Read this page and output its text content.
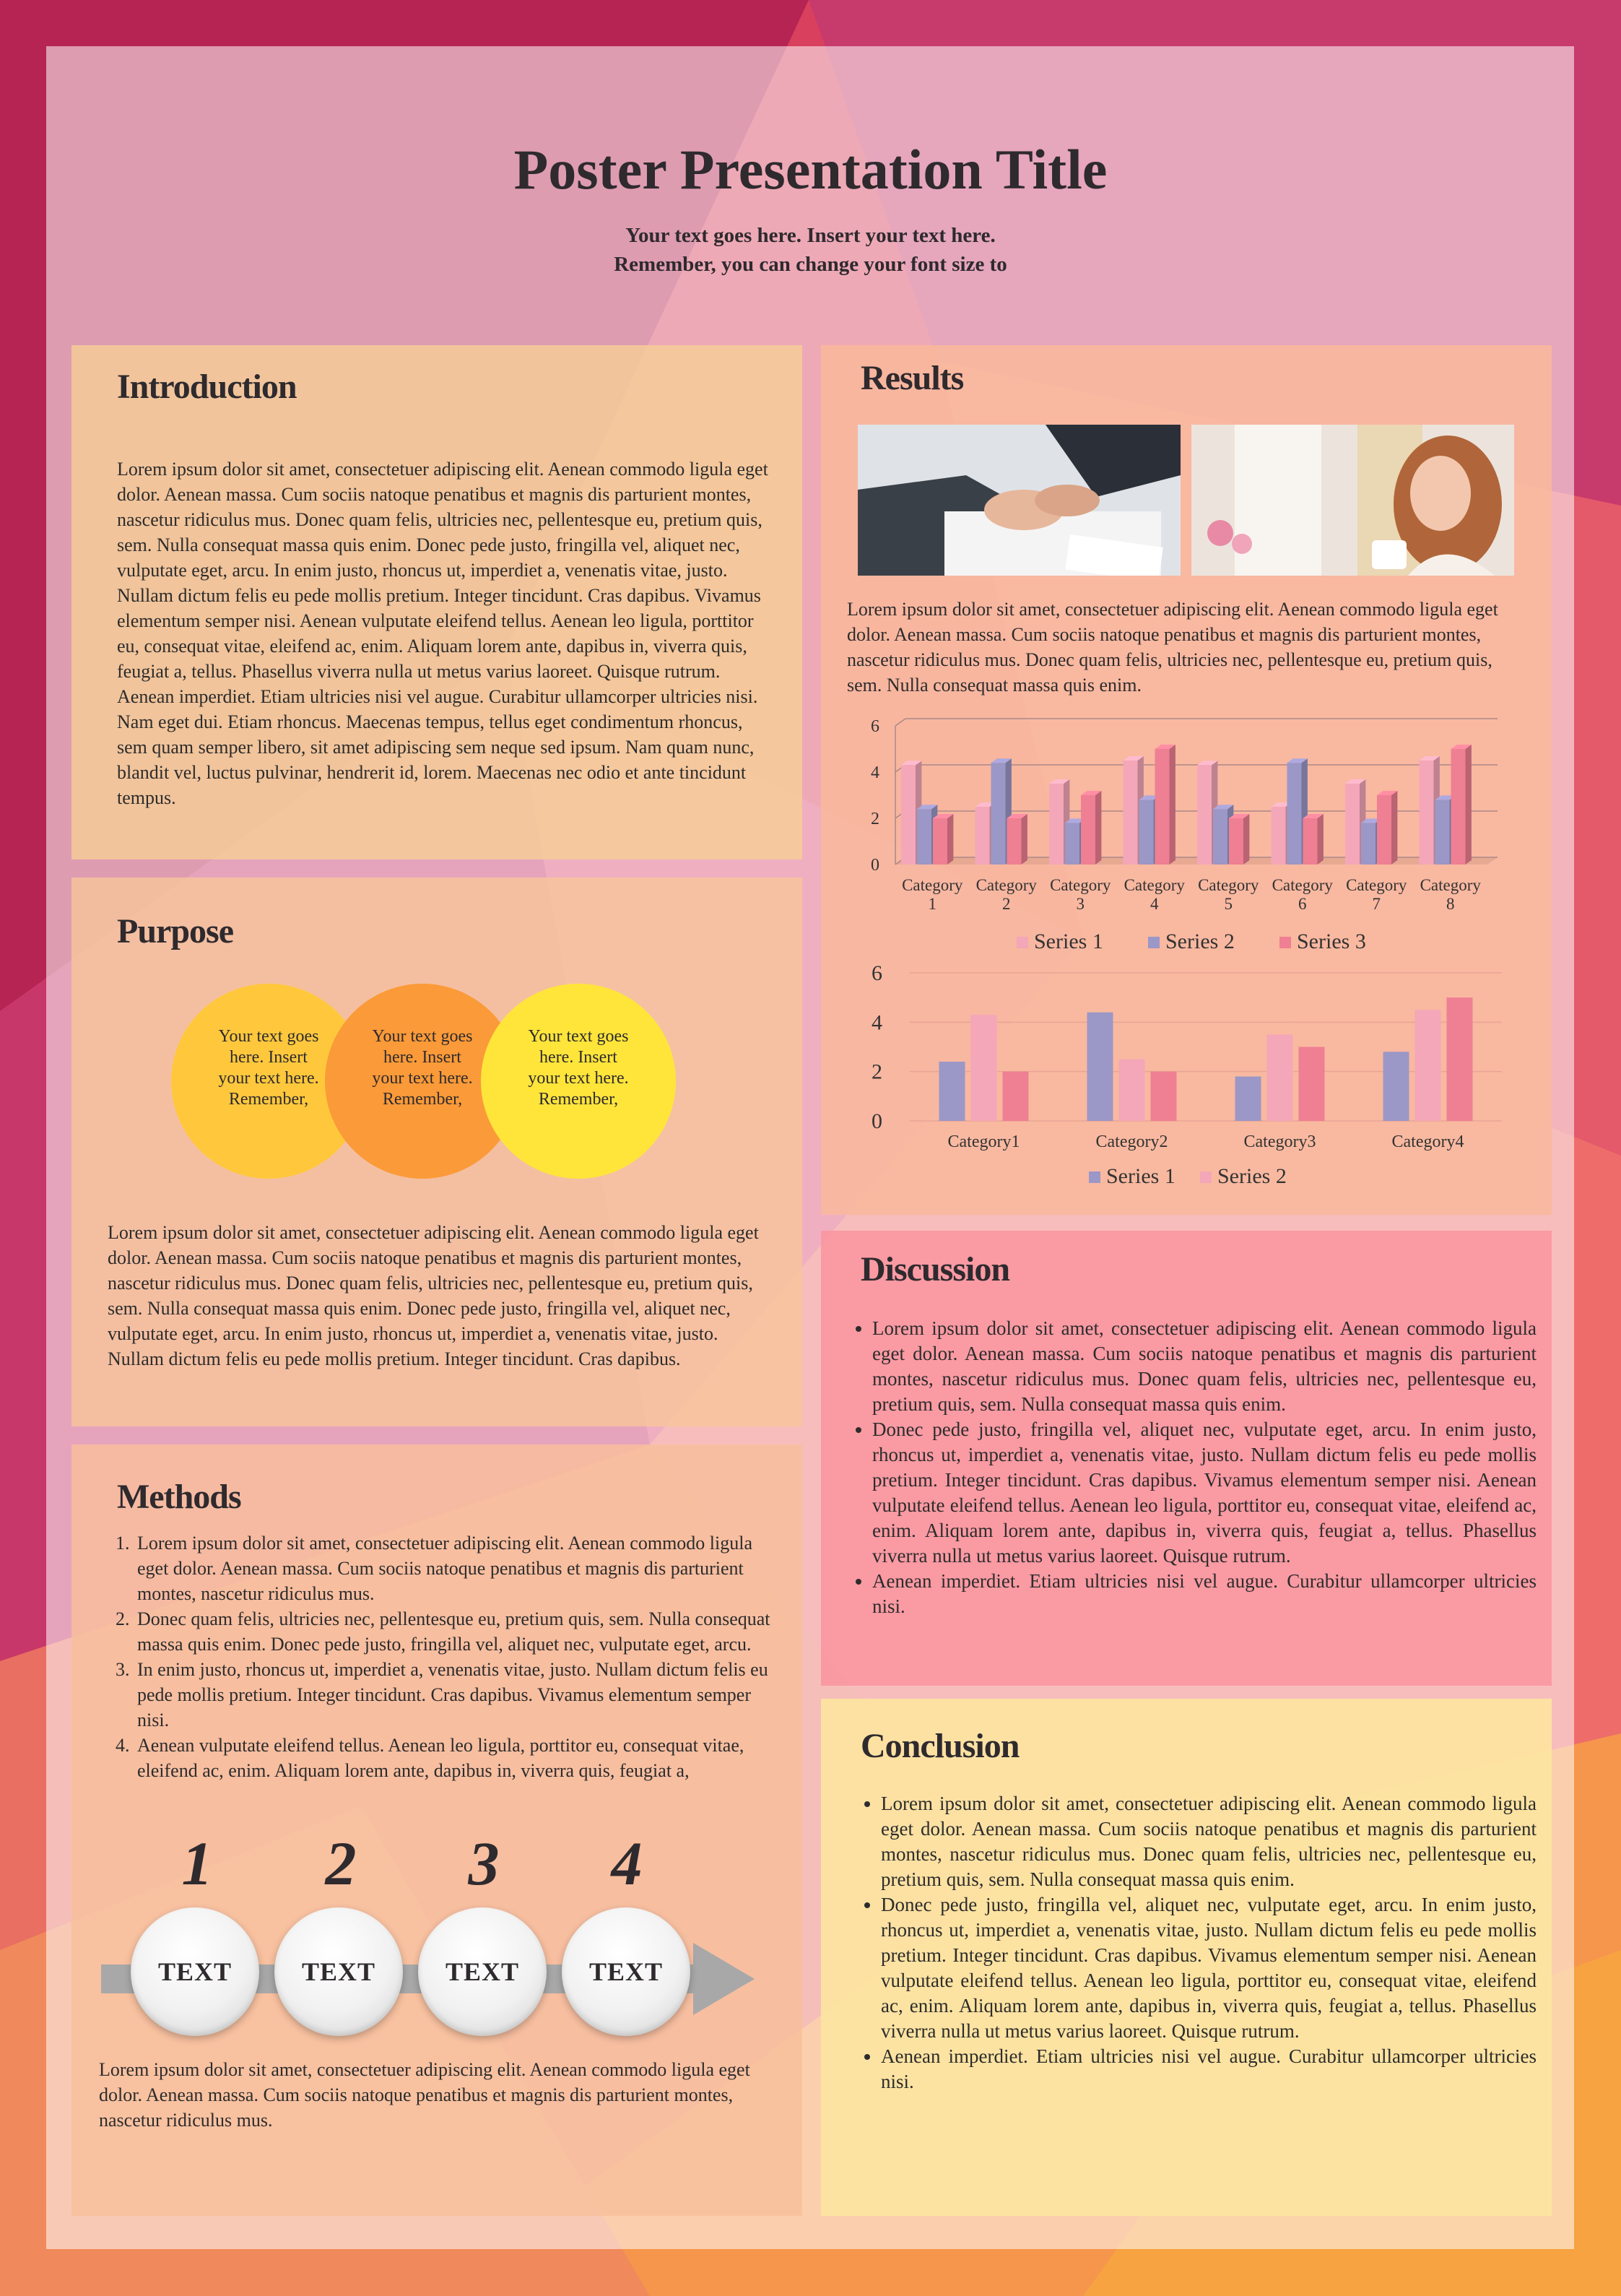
Poster Presentation Title
Your text goes here. Insert your text here.
Remember, you can change your font size to
Introduction
Lorem ipsum dolor sit amet, consectetuer adipiscing elit. Aenean commodo ligula eget dolor. Aenean massa. Cum sociis natoque penatibus et magnis dis parturient montes, nascetur ridiculus mus. Donec quam felis, ultricies nec, pellentesque eu, pretium quis, sem. Nulla consequat massa quis enim. Donec pede justo, fringilla vel, aliquet nec, vulputate eget, arcu. In enim justo, rhoncus ut, imperdiet a, venenatis vitae, justo. Nullam dictum felis eu pede mollis pretium. Integer tincidunt. Cras dapibus. Vivamus elementum semper nisi. Aenean vulputate eleifend tellus. Aenean leo ligula, porttitor eu, consequat vitae, eleifend ac, enim. Aliquam lorem ante, dapibus in, viverra quis, feugiat a, tellus. Phasellus viverra nulla ut metus varius laoreet. Quisque rutrum. Aenean imperdiet. Etiam ultricies nisi vel augue. Curabitur ullamcorper ultricies nisi. Nam eget dui. Etiam rhoncus. Maecenas tempus, tellus eget condimentum rhoncus, sem quam semper libero, sit amet adipiscing sem neque sed ipsum. Nam quam nunc, blandit vel, luctus pulvinar, hendrerit id, lorem. Maecenas nec odio et ante tincidunt tempus.
Purpose
Your text goes here. Insert your text here. Remember,
Your text goes here. Insert your text here. Remember,
Your text goes here. Insert your text here. Remember,
Lorem ipsum dolor sit amet, consectetuer adipiscing elit. Aenean commodo ligula eget dolor. Aenean massa. Cum sociis natoque penatibus et magnis dis parturient montes, nascetur ridiculus mus. Donec quam felis, ultricies nec, pellentesque eu, pretium quis, sem. Nulla consequat massa quis enim. Donec pede justo, fringilla vel, aliquet nec, vulputate eget, arcu. In enim justo, rhoncus ut, imperdiet a, venenatis vitae, justo. Nullam dictum felis eu pede mollis pretium. Integer tincidunt. Cras dapibus.
Methods
1. Lorem ipsum dolor sit amet, consectetuer adipiscing elit. Aenean commodo ligula eget dolor. Aenean massa. Cum sociis natoque penatibus et magnis dis parturient montes, nascetur ridiculus mus.
2. Donec quam felis, ultricies nec, pellentesque eu, pretium quis, sem. Nulla consequat massa quis enim. Donec pede justo, fringilla vel, aliquet nec, vulputate eget, arcu.
3. In enim justo, rhoncus ut, imperdiet a, venenatis vitae, justo. Nullam dictum felis eu pede mollis pretium. Integer tincidunt. Cras dapibus. Vivamus elementum semper nisi.
4. Aenean vulputate eleifend tellus. Aenean leo ligula, porttitor eu, consequat vitae, eleifend ac, enim. Aliquam lorem ante, dapibus in, viverra quis, feugiat a,
1	2	3	4
TEXT	TEXT	TEXT	TEXT
Lorem ipsum dolor sit amet, consectetuer adipiscing elit. Aenean commodo ligula eget dolor. Aenean massa. Cum sociis natoque penatibus et magnis dis parturient montes, nascetur ridiculus mus.
Results
Lorem ipsum dolor sit amet, consectetuer adipiscing elit. Aenean commodo ligula eget dolor. Aenean massa. Cum sociis natoque penatibus et magnis dis parturient montes, nascetur ridiculus mus. Donec quam felis, ultricies nec, pellentesque eu, pretium quis, sem. Nulla consequat massa quis enim.
0
2
4
6
Category
1
Category
2
Category
3
Category
4
Category
5
Category
6
Category
7
Category
8
Series 1	Series 2	Series 3
0
2
4
6
Category1	Category2	Category3	Category4
Series 1 Series 2
Discussion
• Lorem ipsum dolor sit amet, consectetuer adipiscing elit. Aenean commodo ligula eget dolor. Aenean massa. Cum sociis natoque penatibus et magnis dis parturient montes, nascetur ridiculus mus. Donec quam felis, ultricies nec, pellentesque eu, pretium quis, sem. Nulla consequat massa quis enim.
• Donec pede justo, fringilla vel, aliquet nec, vulputate eget, arcu. In enim justo, rhoncus ut, imperdiet a, venenatis vitae, justo. Nullam dictum felis eu pede mollis pretium. Integer tincidunt. Cras dapibus. Vivamus elementum semper nisi. Aenean vulputate eleifend tellus. Aenean leo ligula, porttitor eu, consequat vitae, eleifend ac, enim. Aliquam lorem ante, dapibus in, viverra quis, feugiat a, tellus. Phasellus viverra nulla ut metus varius laoreet. Quisque rutrum.
• Aenean imperdiet. Etiam ultricies nisi vel augue. Curabitur ullamcorper ultricies nisi.
Conclusion
• Lorem ipsum dolor sit amet, consectetuer adipiscing elit. Aenean commodo ligula eget dolor. Aenean massa. Cum sociis natoque penatibus et magnis dis parturient montes, nascetur ridiculus mus. Donec quam felis, ultricies nec, pellentesque eu, pretium quis, sem. Nulla consequat massa quis enim.
• Donec pede justo, fringilla vel, aliquet nec, vulputate eget, arcu. In enim justo, rhoncus ut, imperdiet a, venenatis vitae, justo. Nullam dictum felis eu pede mollis pretium. Integer tincidunt. Cras dapibus. Vivamus elementum semper nisi. Aenean vulputate eleifend tellus. Aenean leo ligula, porttitor eu, consequat vitae, eleifend ac, enim. Aliquam lorem ante, dapibus in, viverra quis, feugiat a, tellus. Phasellus viverra nulla ut metus varius laoreet. Quisque rutrum.
• Aenean imperdiet. Etiam ultricies nisi vel augue. Curabitur ullamcorper ultricies nisi.
